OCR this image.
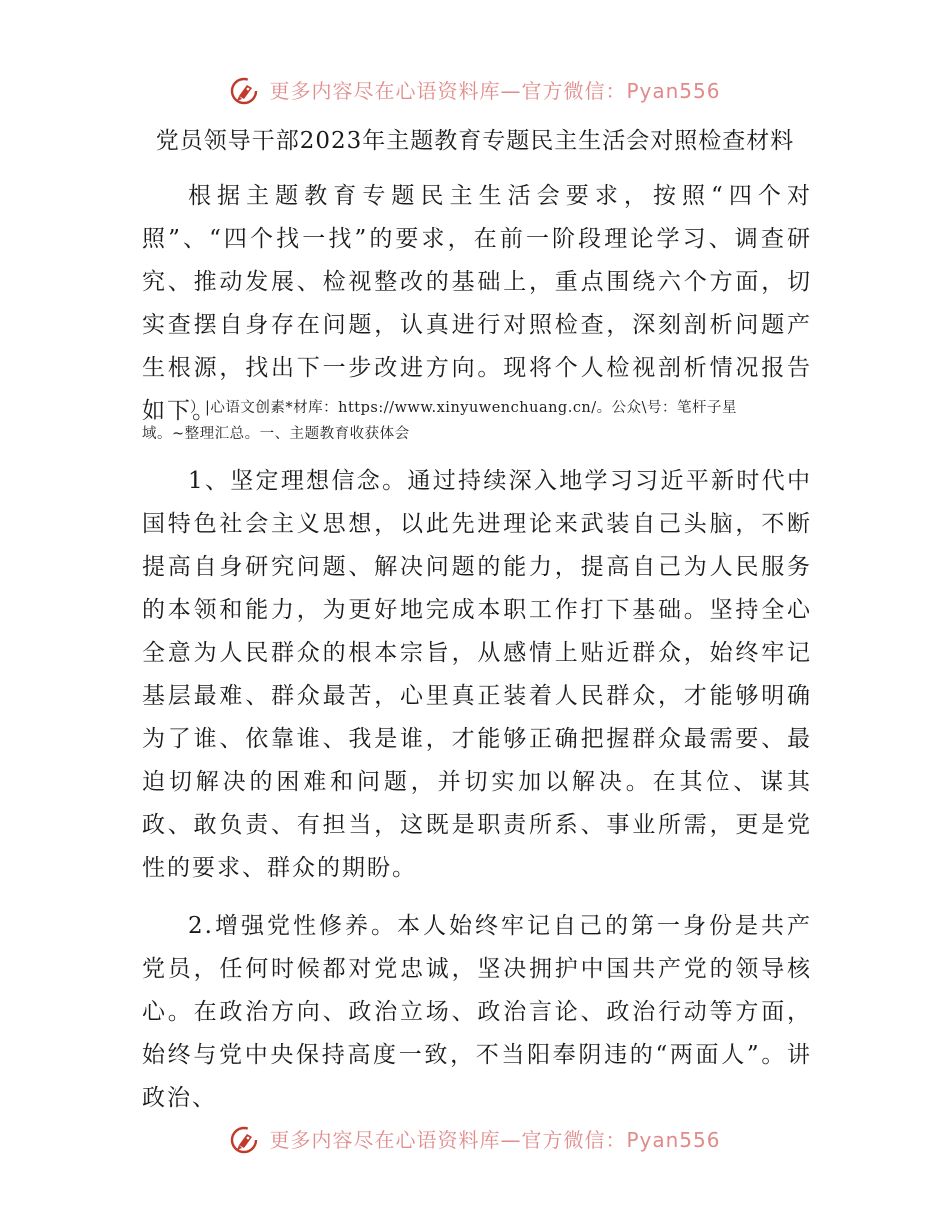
更多内容尽在心语资料库—官方微信：Pyan556
党员领导干部2023年主题教育专题民主生活会对照检查材料

根据主题教育专题民主生活会要求，按照“四个对照”、“四个找一找”的要求，在前一阶段理论学习、调查研究、推动发展、检视整改的基础上，重点围绕六个方面，切实查摆自身存在问题，认真进行对照检查，深刻剖析问题产生根源，找出下一步改进方向。现将个人检视剖析情况报告如下。

）|心语文创素*材库：https://www.xinyuwenchuang.cn/。公众\号：笔杆子星
域。~整理汇总。一、主题教育收获体会

1、坚定理想信念。通过持续深入地学习习近平新时代中国特色社会主义思想，以此先进理论来武装自己头脑，不断提高自身研究问题、解决问题的能力，提高自己为人民服务的本领和能力，为更好地完成本职工作打下基础。坚持全心全意为人民群众的根本宗旨，从感情上贴近群众，始终牢记基层最难、群众最苦，心里真正装着人民群众，才能够明确为了谁、依靠谁、我是谁，才能够正确把握群众最需要、最迫切解决的困难和问题，并切实加以解决。在其位、谋其政、敢负责、有担当，这既是职责所系、事业所需，更是党性的要求、群众的期盼。

2.增强党性修养。本人始终牢记自己的第一身份是共产党员，任何时候都对党忠诚，坚决拥护中国共产党的领导核心。在政治方向、政治立场、政治言论、政治行动等方面，始终与党中央保持高度一致，不当阳奉阴违的“两面人”。讲政治、

更多内容尽在心语资料库—官方微信：Pyan556
